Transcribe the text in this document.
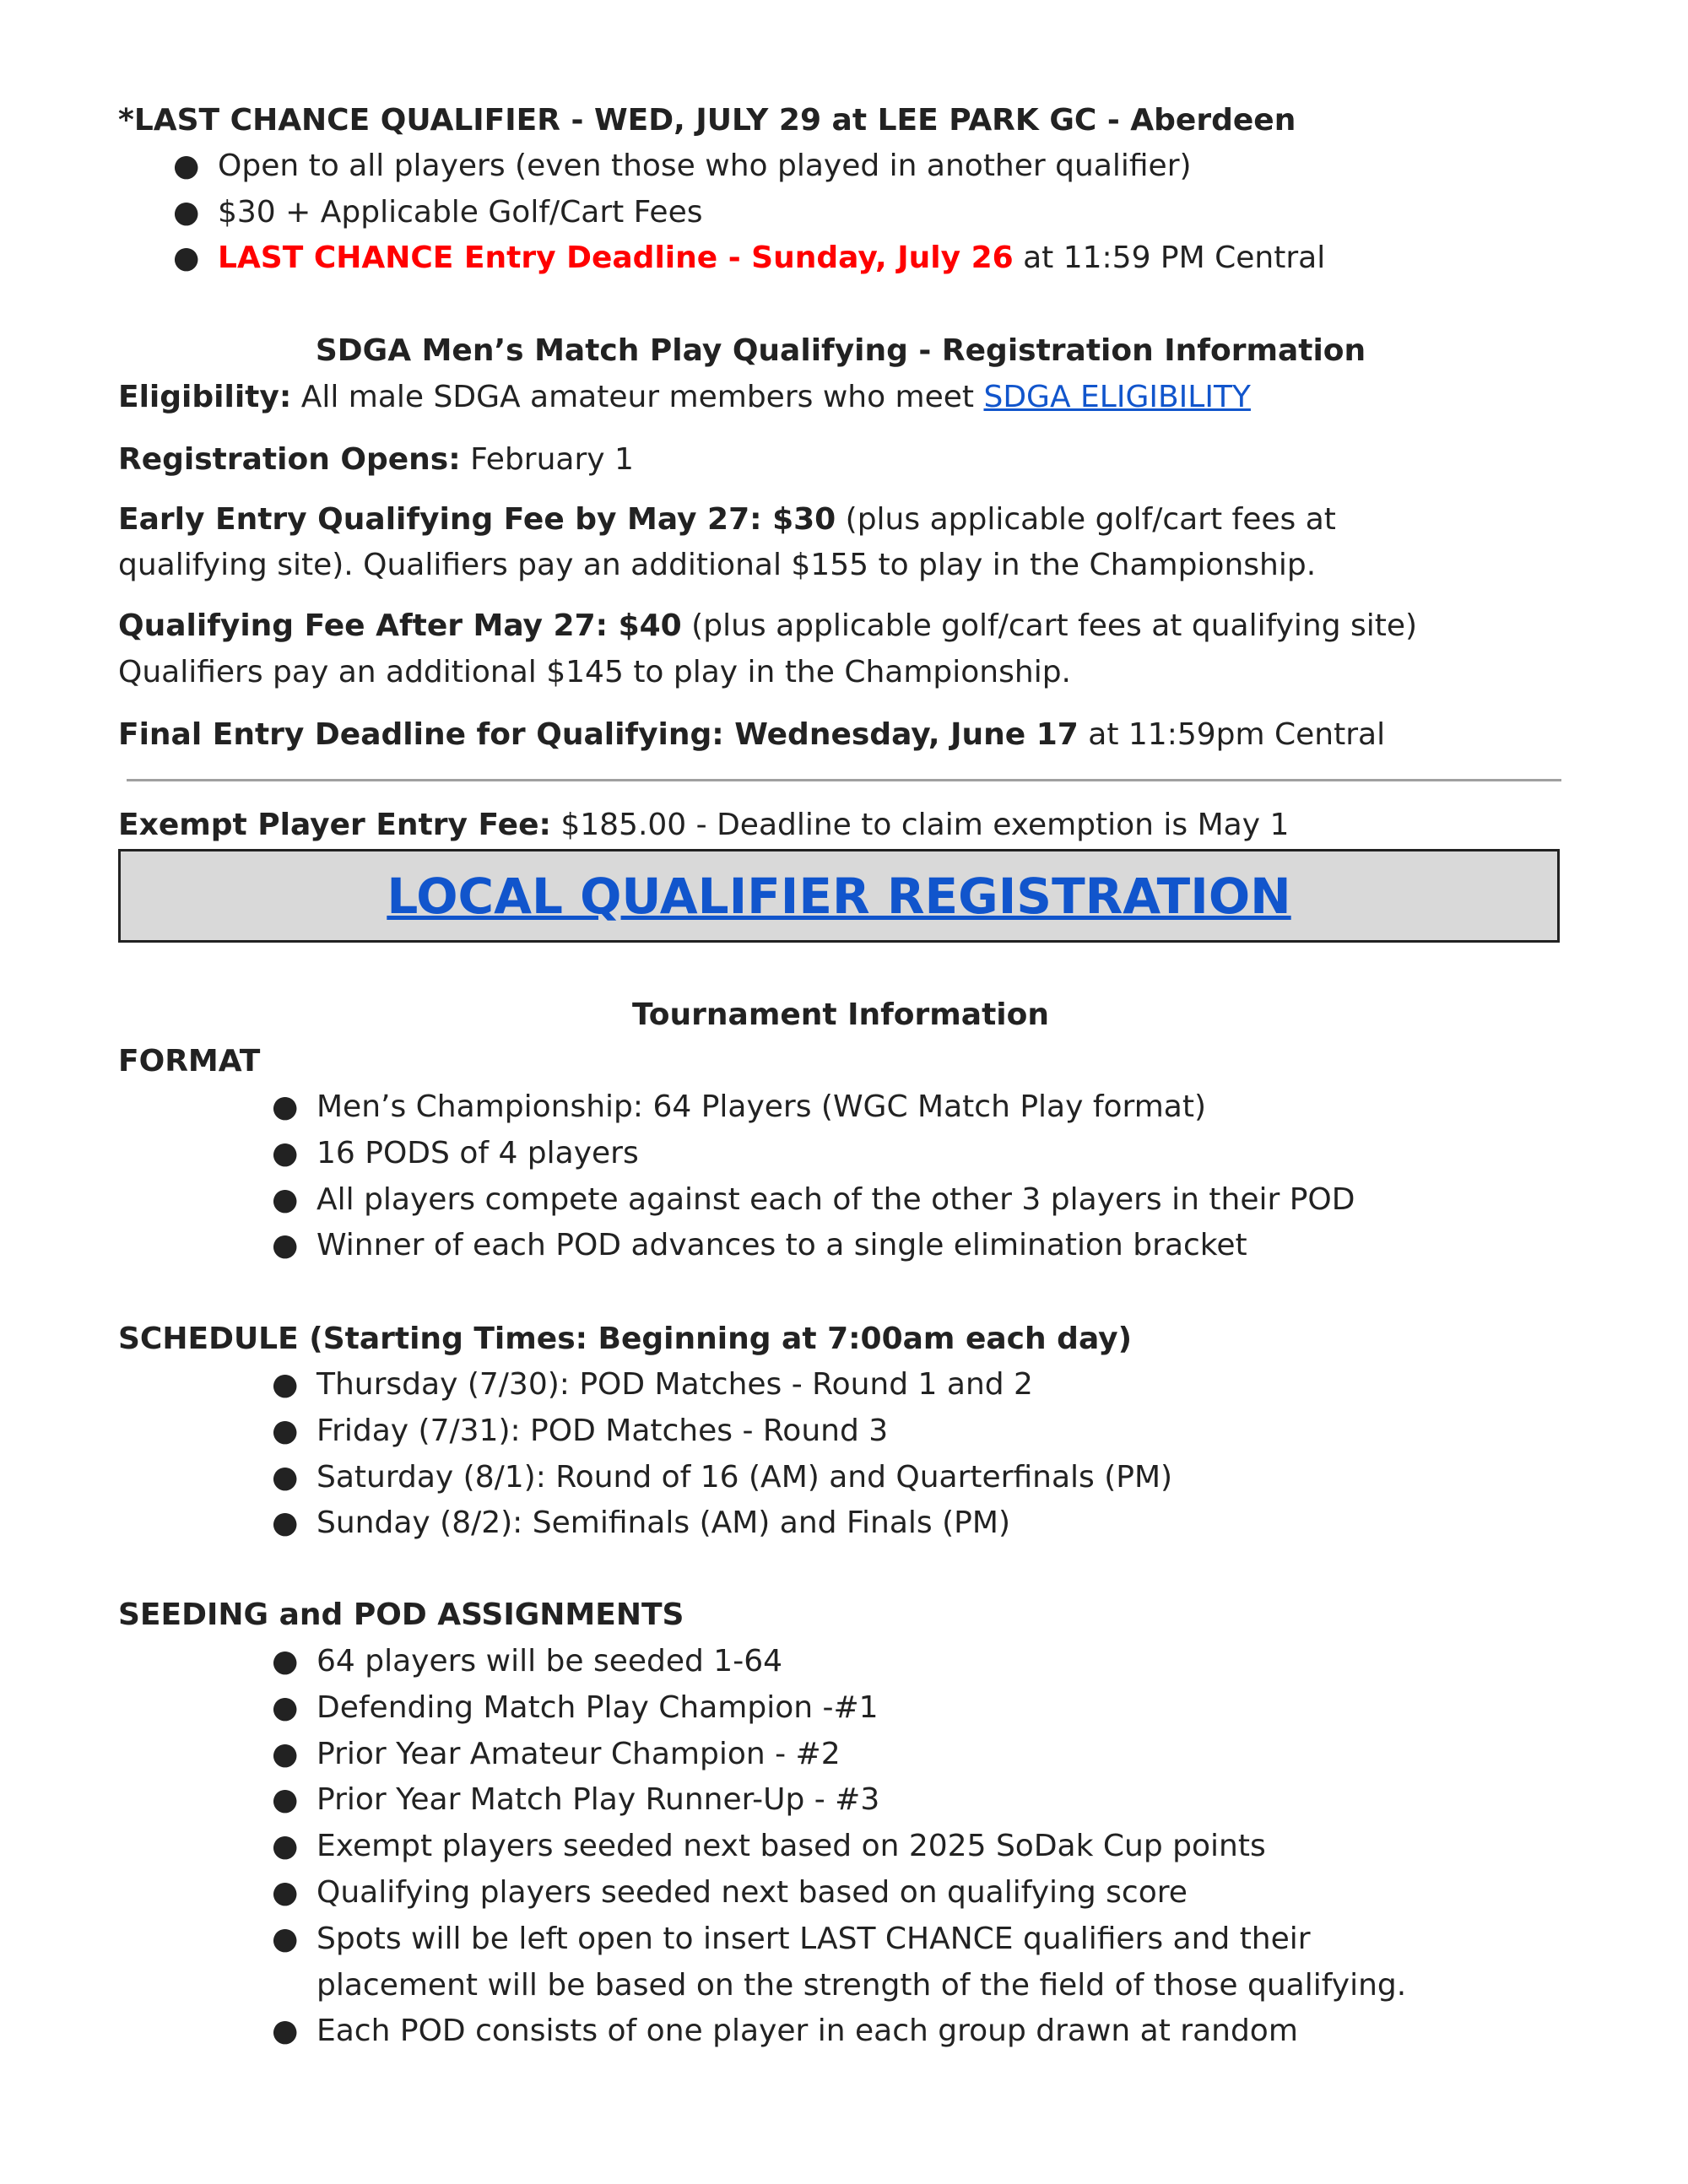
*LAST CHANCE QUALIFIER - WED, JULY 29 at LEE PARK GC - Aberdeen
● Open to all players (even those who played in another qualifier)
● $30 + Applicable Golf/Cart Fees
● LAST CHANCE Entry Deadline - Sunday, July 26 at 11:59 PM Central
SDGA Men’s Match Play Qualifying - Registration Information
Eligibility: All male SDGA amateur members who meet SDGA ELIGIBILITY
Registration Opens: February 1
Early Entry Qualifying Fee by May 27: $30 (plus applicable golf/cart fees at
qualifying site). Qualifiers pay an additional $155 to play in the Championship.
Qualifying Fee After May 27: $40 (plus applicable golf/cart fees at qualifying site)
Qualifiers pay an additional $145 to play in the Championship.
Final Entry Deadline for Qualifying: Wednesday, June 17 at 11:59pm Central
Exempt Player Entry Fee: $185.00 - Deadline to claim exemption is May 1
LOCAL QUALIFIER REGISTRATION
Tournament Information
FORMAT
● Men’s Championship: 64 Players (WGC Match Play format)
● 16 PODS of 4 players
● All players compete against each of the other 3 players in their POD
● Winner of each POD advances to a single elimination bracket
SCHEDULE (Starting Times: Beginning at 7:00am each day)
● Thursday (7/30): POD Matches - Round 1 and 2
● Friday (7/31): POD Matches - Round 3
● Saturday (8/1): Round of 16 (AM) and Quarterfinals (PM)
● Sunday (8/2): Semifinals (AM) and Finals (PM)
SEEDING and POD ASSIGNMENTS
● 64 players will be seeded 1-64
● Defending Match Play Champion -#1
● Prior Year Amateur Champion - #2
● Prior Year Match Play Runner-Up - #3
● Exempt players seeded next based on 2025 SoDak Cup points
● Qualifying players seeded next based on qualifying score
● Spots will be left open to insert LAST CHANCE qualifiers and their
placement will be based on the strength of the field of those qualifying.
● Each POD consists of one player in each group drawn at random
